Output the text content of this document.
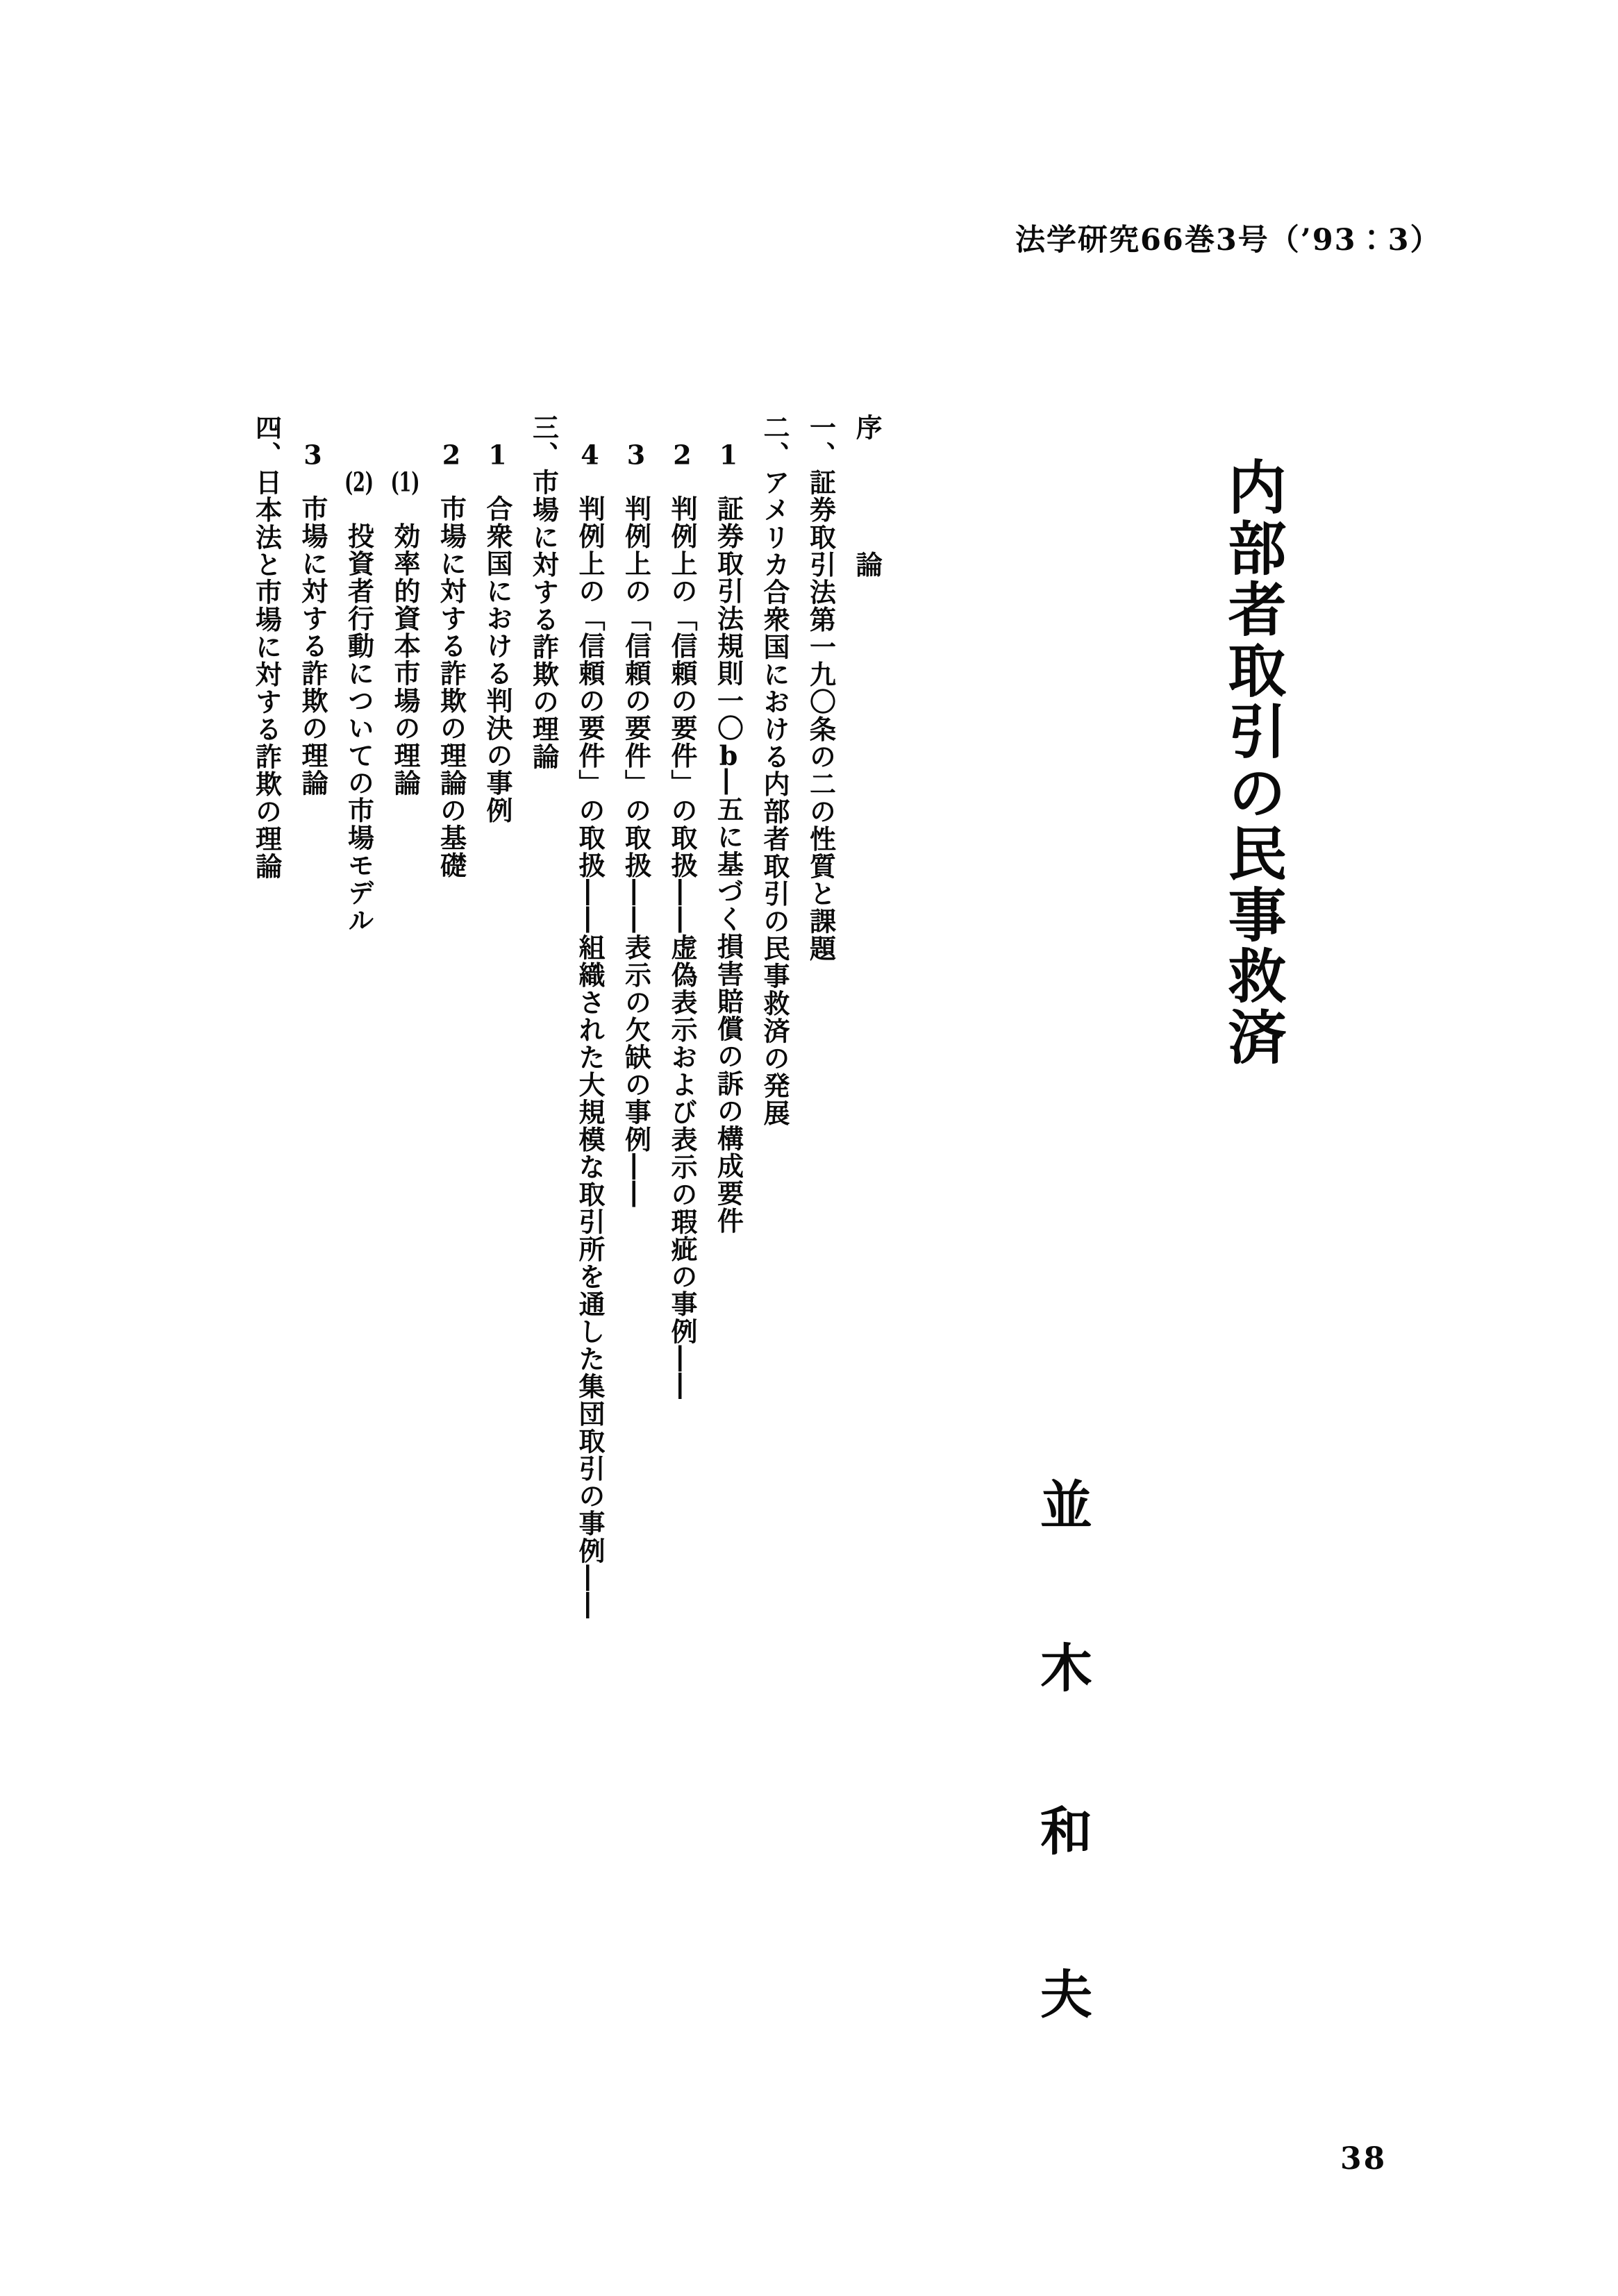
法学研究66巻3号（’93：3）
内部者取引の民事救済
並木和夫
序　　　　論
一、証券取引法第一九〇条の二の性質と課題
二、アメリカ合衆国における内部者取引の民事救済の発展
　1　証券取引法規則一〇b―五に基づく損害賠償の訴の構成要件
　2　判例上の「信頼の要件」の取扱――虚偽表示および表示の瑕疵の事例――
　3　判例上の「信頼の要件」の取扱――表示の欠缺の事例――
　4　判例上の「信頼の要件」の取扱――組織された大規模な取引所を通した集団取引の事例――
三、市場に対する詐欺の理論
　1　合衆国における判決の事例
　2　市場に対する詐欺の理論の基礎
　　(1)　効率的資本市場の理論
　　(2)　投資者行動についての市場モデル
　3　市場に対する詐欺の理論
四、日本法と市場に対する詐欺の理論
38
